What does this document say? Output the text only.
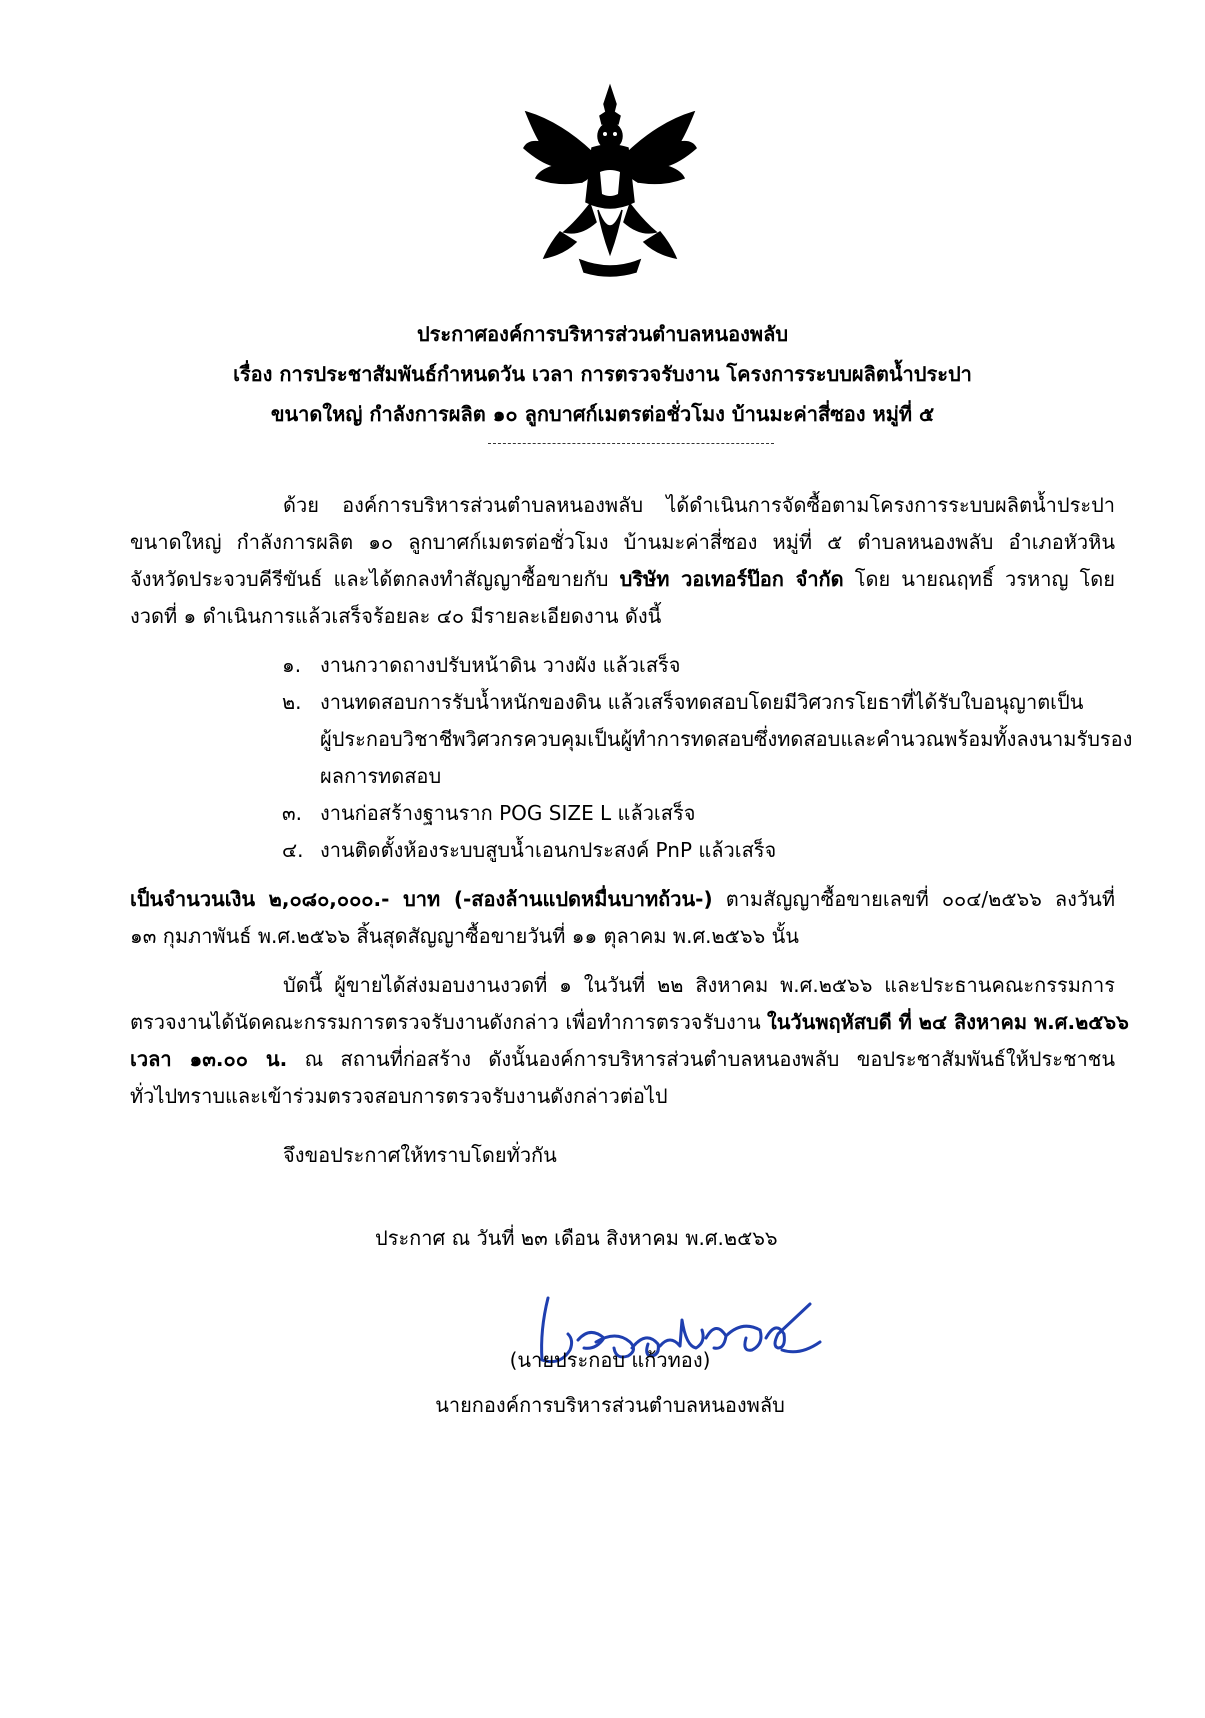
ประกาศองค์การบริหารส่วนตำบลหนองพลับ
เรื่อง การประชาสัมพันธ์กำหนดวัน เวลา การตรวจรับงาน โครงการระบบผลิตน้ำประปา
ขนาดใหญ่ กำลังการผลิต ๑๐ ลูกบาศก์เมตรต่อชั่วโมง บ้านมะค่าสี่ซอง หมู่ที่ ๕
ด้วย องค์การบริหารส่วนตำบลหนองพลับ ได้ดำเนินการจัดซื้อตามโครงการระบบผลิตน้ำประปา
ขนาดใหญ่ กำลังการผลิต ๑๐ ลูกบาศก์เมตรต่อชั่วโมง บ้านมะค่าสี่ซอง หมู่ที่ ๕ ตำบลหนองพลับ อำเภอหัวหิน
จังหวัดประจวบคีรีขันธ์ และได้ตกลงทำสัญญาซื้อขายกับ บริษัท วอเทอร์ป๊อก จำกัด โดย นายณฤทธิ์ วรหาญ โดย
งวดที่ ๑ ดำเนินการแล้วเสร็จร้อยละ ๔๐ มีรายละเอียดงาน ดังนี้
๑. งานกวาดถางปรับหน้าดิน วางผัง แล้วเสร็จ
๒. งานทดสอบการรับน้ำหนักของดิน แล้วเสร็จทดสอบโดยมีวิศวกรโยธาที่ได้รับใบอนุญาตเป็น
ผู้ประกอบวิชาชีพวิศวกรควบคุมเป็นผู้ทำการทดสอบซึ่งทดสอบและคำนวณพร้อมทั้งลงนามรับรอง
ผลการทดสอบ
๓. งานก่อสร้างฐานราก POG SIZE L แล้วเสร็จ
๔. งานติดตั้งห้องระบบสูบน้ำเอนกประสงค์ PnP แล้วเสร็จ
เป็นจำนวนเงิน ๒,๐๘๐,๐๐๐.- บาท (-สองล้านแปดหมื่นบาทถ้วน-) ตามสัญญาซื้อขายเลขที่ ๐๐๔/๒๕๖๖ ลงวันที่
๑๓ กุมภาพันธ์ พ.ศ.๒๕๖๖ สิ้นสุดสัญญาซื้อขายวันที่ ๑๑ ตุลาคม พ.ศ.๒๕๖๖ นั้น
บัดนี้ ผู้ขายได้ส่งมอบงานงวดที่ ๑ ในวันที่ ๒๒ สิงหาคม พ.ศ.๒๕๖๖ และประธานคณะกรรมการ
ตรวจงานได้นัดคณะกรรมการตรวจรับงานดังกล่าว เพื่อทำการตรวจรับงาน ในวันพฤหัสบดี ที่ ๒๔ สิงหาคม พ.ศ.๒๕๖๖
เวลา ๑๓.๐๐ น. ณ สถานที่ก่อสร้าง ดังนั้นองค์การบริหารส่วนตำบลหนองพลับ ขอประชาสัมพันธ์ให้ประชาชน
ทั่วไปทราบและเข้าร่วมตรวจสอบการตรวจรับงานดังกล่าวต่อไป
จึงขอประกาศให้ทราบโดยทั่วกัน
ประกาศ ณ วันที่ ๒๓ เดือน สิงหาคม พ.ศ.๒๕๖๖
(นายประกอบ แก้วทอง)
นายกองค์การบริหารส่วนตำบลหนองพลับ
